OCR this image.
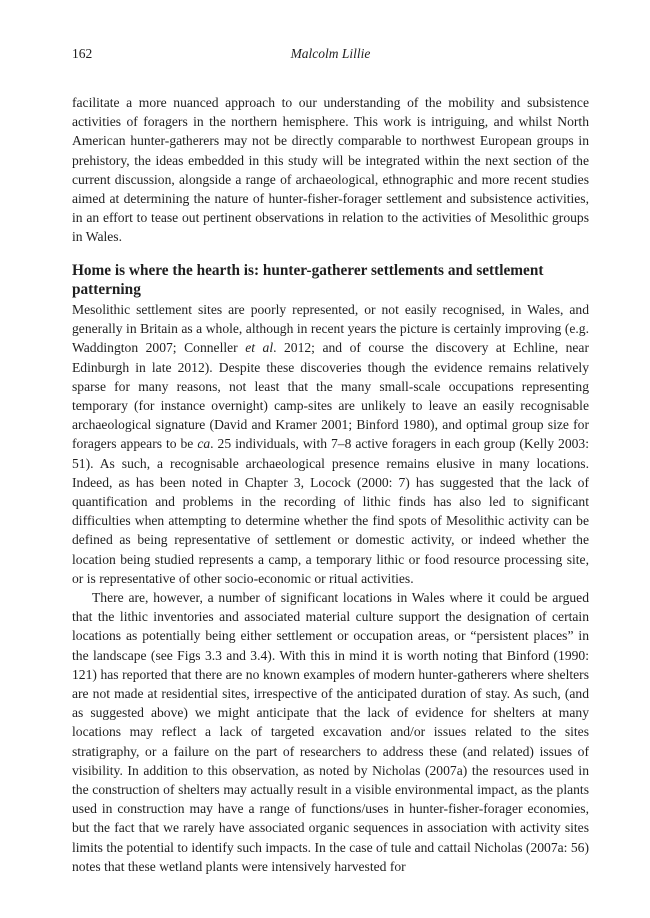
162	Malcolm Lillie

facilitate a more nuanced approach to our understanding of the mobility and subsistence activities of foragers in the northern hemisphere. This work is intriguing, and whilst North American hunter-gatherers may not be directly comparable to northwest European groups in prehistory, the ideas embedded in this study will be integrated within the next section of the current discussion, alongside a range of archaeological, ethnographic and more recent studies aimed at determining the nature of hunter-fisher-forager settlement and subsistence activities, in an effort to tease out pertinent observations in relation to the activities of Mesolithic groups in Wales.

Home is where the hearth is: hunter-gatherer settlements and settlement patterning

Mesolithic settlement sites are poorly represented, or not easily recognised, in Wales, and generally in Britain as a whole, although in recent years the picture is certainly improving (e.g. Waddington 2007; Conneller et al. 2012; and of course the discovery at Echline, near Edinburgh in late 2012). Despite these discoveries though the evidence remains relatively sparse for many reasons, not least that the many small-scale occupations representing temporary (for instance overnight) camp-sites are unlikely to leave an easily recognisable archaeological signature (David and Kramer 2001; Binford 1980), and optimal group size for foragers appears to be ca. 25 individuals, with 7–8 active foragers in each group (Kelly 2003: 51). As such, a recognisable archaeological presence remains elusive in many locations. Indeed, as has been noted in Chapter 3, Locock (2000: 7) has suggested that the lack of quantification and problems in the recording of lithic finds has also led to significant difficulties when attempting to determine whether the find spots of Mesolithic activity can be defined as being representative of settlement or domestic activity, or indeed whether the location being studied represents a camp, a temporary lithic or food resource processing site, or is representative of other socio-economic or ritual activities.

There are, however, a number of significant locations in Wales where it could be argued that the lithic inventories and associated material culture support the designation of certain locations as potentially being either settlement or occupation areas, or “persistent places” in the landscape (see Figs 3.3 and 3.4). With this in mind it is worth noting that Binford (1990: 121) has reported that there are no known examples of modern hunter-gatherers where shelters are not made at residential sites, irrespective of the anticipated duration of stay. As such, (and as suggested above) we might anticipate that the lack of evidence for shelters at many locations may reflect a lack of targeted excavation and/or issues related to the sites stratigraphy, or a failure on the part of researchers to address these (and related) issues of visibility. In addition to this observation, as noted by Nicholas (2007a) the resources used in the construction of shelters may actually result in a visible environmental impact, as the plants used in construction may have a range of functions/uses in hunter-fisher-forager economies, but the fact that we rarely have associated organic sequences in association with activity sites limits the potential to identify such impacts. In the case of tule and cattail Nicholas (2007a: 56) notes that these wetland plants were intensively harvested for
